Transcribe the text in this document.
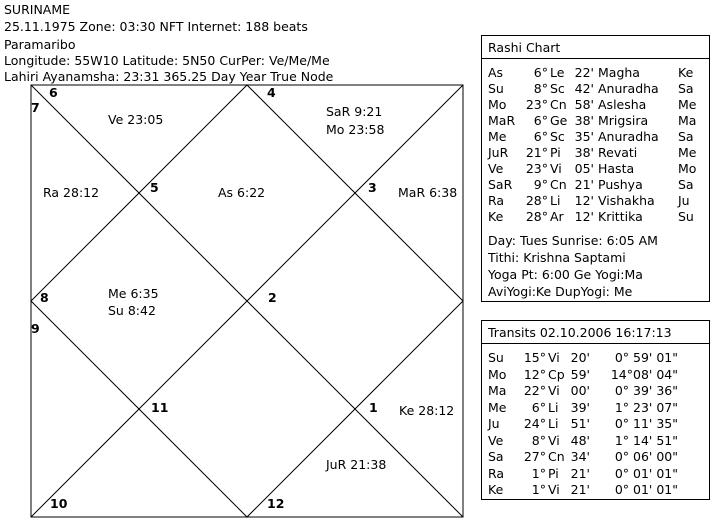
SURINAME
25.11.1975 Zone: 03:30 NFT Internet: 188 beats
Paramaribo
Longitude: 55W10 Latitude: 5N50 CurPer: Ve/Me/Me
Lahiri Ayanamsha: 23:31 365.25 Day Year True Node
6	4
7
5	3
8	2
9
11	1
10	12
SaR 9:21
Mo 23:58
Ve 23:05
Ra 28:12	As 6:22	MaR 6:38
Me 6:35
Su 8:42
Ke 28:12
JuR 21:38
Rashi Chart
As	6° Le 22' Magha	Ke
Su	8° Sc 42' Anuradha	Sa
Mo	23° Cn 58' Aslesha	Me
MaR	6° Ge 38' Mrigsira	Ma
Me	6° Sc 35' Anuradha	Sa
JuR	21° Pi	38' Revati	Me
Ve	23° Vi	05' Hasta	Mo
SaR	9° Cn 21' Pushya	Sa
Ra	28° Li	12' Vishakha	Ju
Ke	28° Ar 12' Krittika	Su
Day: Tues Sunrise: 6:05 AM
Tithi: Krishna Saptami
Yoga Pt: 6:00 Ge Yogi:Ma
AviYogi:Ke DupYogi: Me
Transits 02.10.2006 16:17:13
Su	15° Vi 20'	0° 59' 01"
Mo	12° Cp 59'	14°08' 04"
Ma	22° Vi 00'	0° 39' 36"
Me	6° Li 39'	1° 23' 07"
Ju	24° Li 51'	0° 11' 35"
Ve	8° Vi 48'	1° 14' 51"
Sa	27° Cn 34'	0° 06' 00"
Ra	1° Pi 21'	0° 01' 01"
Ke	1° Vi 21'	0° 01' 01"
